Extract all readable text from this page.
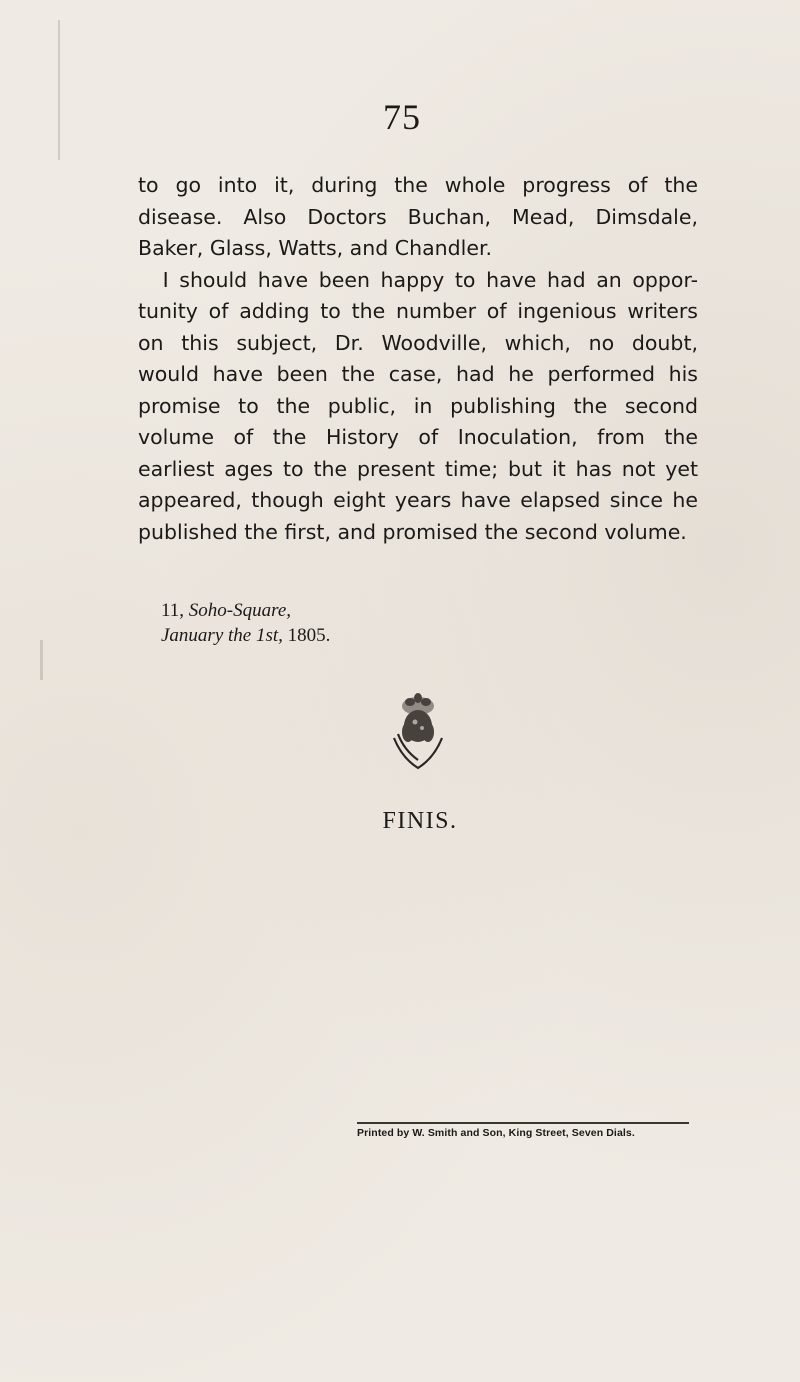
75
to go into it, during the whole progress of the
disease. Also Doctors Buchan, Mead, Dimsdale,
Baker, Glass, Watts, and Chandler.
I should have been happy to have had an oppor-
tunity of adding to the number of ingenious writers
on this subject, Dr. Woodville, which, no doubt,
would have been the case, had he performed his
promise to the public, in publishing the second
volume of the History of Inoculation, from the
earliest ages to the present time; but it has not yet
appeared, though eight years have elapsed since he
published the first, and promised the second volume.
11, Soho-Square,
January the 1st, 1805.
FINIS.
Printed by W. Smith and Son, King Street, Seven Dials.
